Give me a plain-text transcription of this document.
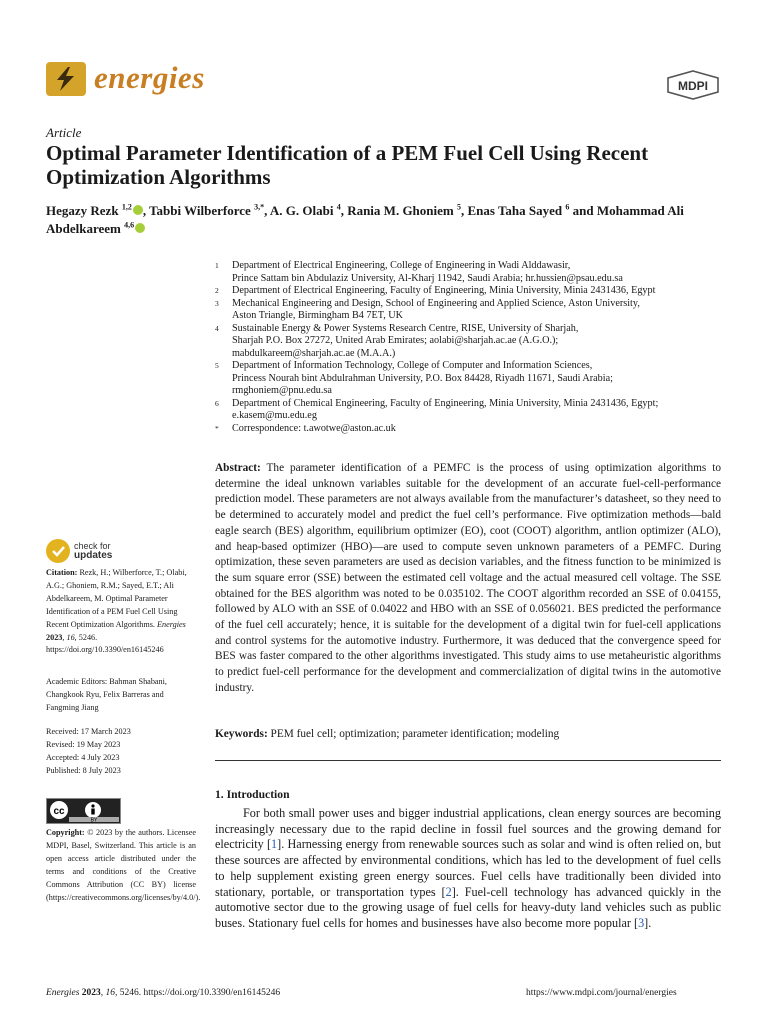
energies	MDPI
Article
Optimal Parameter Identification of a PEM Fuel Cell Using Recent Optimization Algorithms
Hegazy Rezk $^{1,2}$ , Tabbi Wilberforce $^{3,*}$, A. G. Olabi $^4$, Rania M. Ghoniem $^5$, Enas Taha Sayed $^6$ and Mohammad Ali Abdelkareem $^{4,6}$
1	Department of Electrical Engineering, College of Engineering in Wadi Alddawasir,
Prince Sattam bin Abdulaziz University, Al-Kharj 11942, Saudi Arabia; hr.hussien@psau.edu.sa
2	Department of Electrical Engineering, Faculty of Engineering, Minia University, Minia 2431436, Egypt
3	Mechanical Engineering and Design, School of Engineering and Applied Science, Aston University,
Aston Triangle, Birmingham B4 7ET, UK
4	Sustainable Energy & Power Systems Research Centre, RISE, University of Sharjah,
Sharjah P.O. Box 27272, United Arab Emirates; aolabi@sharjah.ac.ae (A.G.O.);
mabdulkareem@sharjah.ac.ae (M.A.A.)
5	Department of Information Technology, College of Computer and Information Sciences,
Princess Nourah bint Abdulrahman University, P.O. Box 84428, Riyadh 11671, Saudi Arabia;
rmghoniem@pnu.edu.sa
6	Department of Chemical Engineering, Faculty of Engineering, Minia University, Minia 2431436, Egypt;
e.kasem@mu.edu.eg
*	Correspondence: t.awotwe@aston.ac.uk
check for
updates
Citation: Rezk, H.; Wilberforce, T.; Olabi, A.G.; Ghoniem, R.M.; Sayed, E.T.; Ali Abdelkareem, M. Optimal Parameter Identification of a PEM Fuel Cell Using Recent Optimization Algorithms. Energies 2023, 16, 5246. https://doi.org/10.3390/en16145246
Academic Editors: Bahman Shabani, Changkook Ryu, Felix Barreras and Fangming Jiang
Received: 17 March 2023
Revised: 19 May 2023
Accepted: 4 July 2023
Published: 8 July 2023
cc
BY
Copyright: © 2023 by the authors. Licensee MDPI, Basel, Switzerland. This article is an open access article distributed under the terms and conditions of the Creative Commons Attribution (CC BY) license (https://creativecommons.org/licenses/by/4.0/).
Abstract: The parameter identification of a PEMFC is the process of using optimization algorithms to determine the ideal unknown variables suitable for the development of an accurate fuel-cell-performance prediction model. These parameters are not always available from the manufacturer’s datasheet, so they need to be determined to accurately model and predict the fuel cell’s performance. Five optimization methods—bald eagle search (BES) algorithm, equilibrium optimizer (EO), coot (COOT) algorithm, antlion optimizer (ALO), and heap-based optimizer (HBO)—are used to compute seven unknown parameters of a PEMFC. During optimization, these seven parameters are used as decision variables, and the fitness function to be minimized is the sum square error (SSE) between the estimated cell voltage and the actual measured cell voltage. The SSE obtained for the BES algorithm was noted to be 0.035102. The COOT algorithm recorded an SSE of 0.04155, followed by ALO with an SSE of 0.04022 and HBO with an SSE of 0.056021. BES predicted the performance of the fuel cell accurately; hence, it is suitable for the development of a digital twin for fuel-cell applications and control systems for the automotive industry. Furthermore, it was deduced that the convergence speed for BES was faster compared to the other algorithms investigated. This study aims to use metaheuristic algorithms to predict fuel-cell performance for the development and commercialization of digital twins in the automotive industry.
Keywords: PEM fuel cell; optimization; parameter identification; modeling
1. Introduction
For both small power uses and bigger industrial applications, clean energy sources are becoming increasingly necessary due to the rapid decline in fossil fuel sources and the growing demand for electricity [1]. Harnessing energy from renewable sources such as solar and wind is often relied on, but these sources are affected by environmental conditions, which has led to the development of fuel cells to help supplement existing green energy sources. Fuel cells have traditionally been divided into stationary, portable, or transportation types [2]. Fuel-cell technology has advanced quickly in the automotive sector due to the growing usage of fuel cells for heavy-duty land vehicles such as public buses. Stationary fuel cells for homes and businesses have also become more popular [3].
Energies 2023, 16, 5246. https://doi.org/10.3390/en16145246	https://www.mdpi.com/journal/energies
